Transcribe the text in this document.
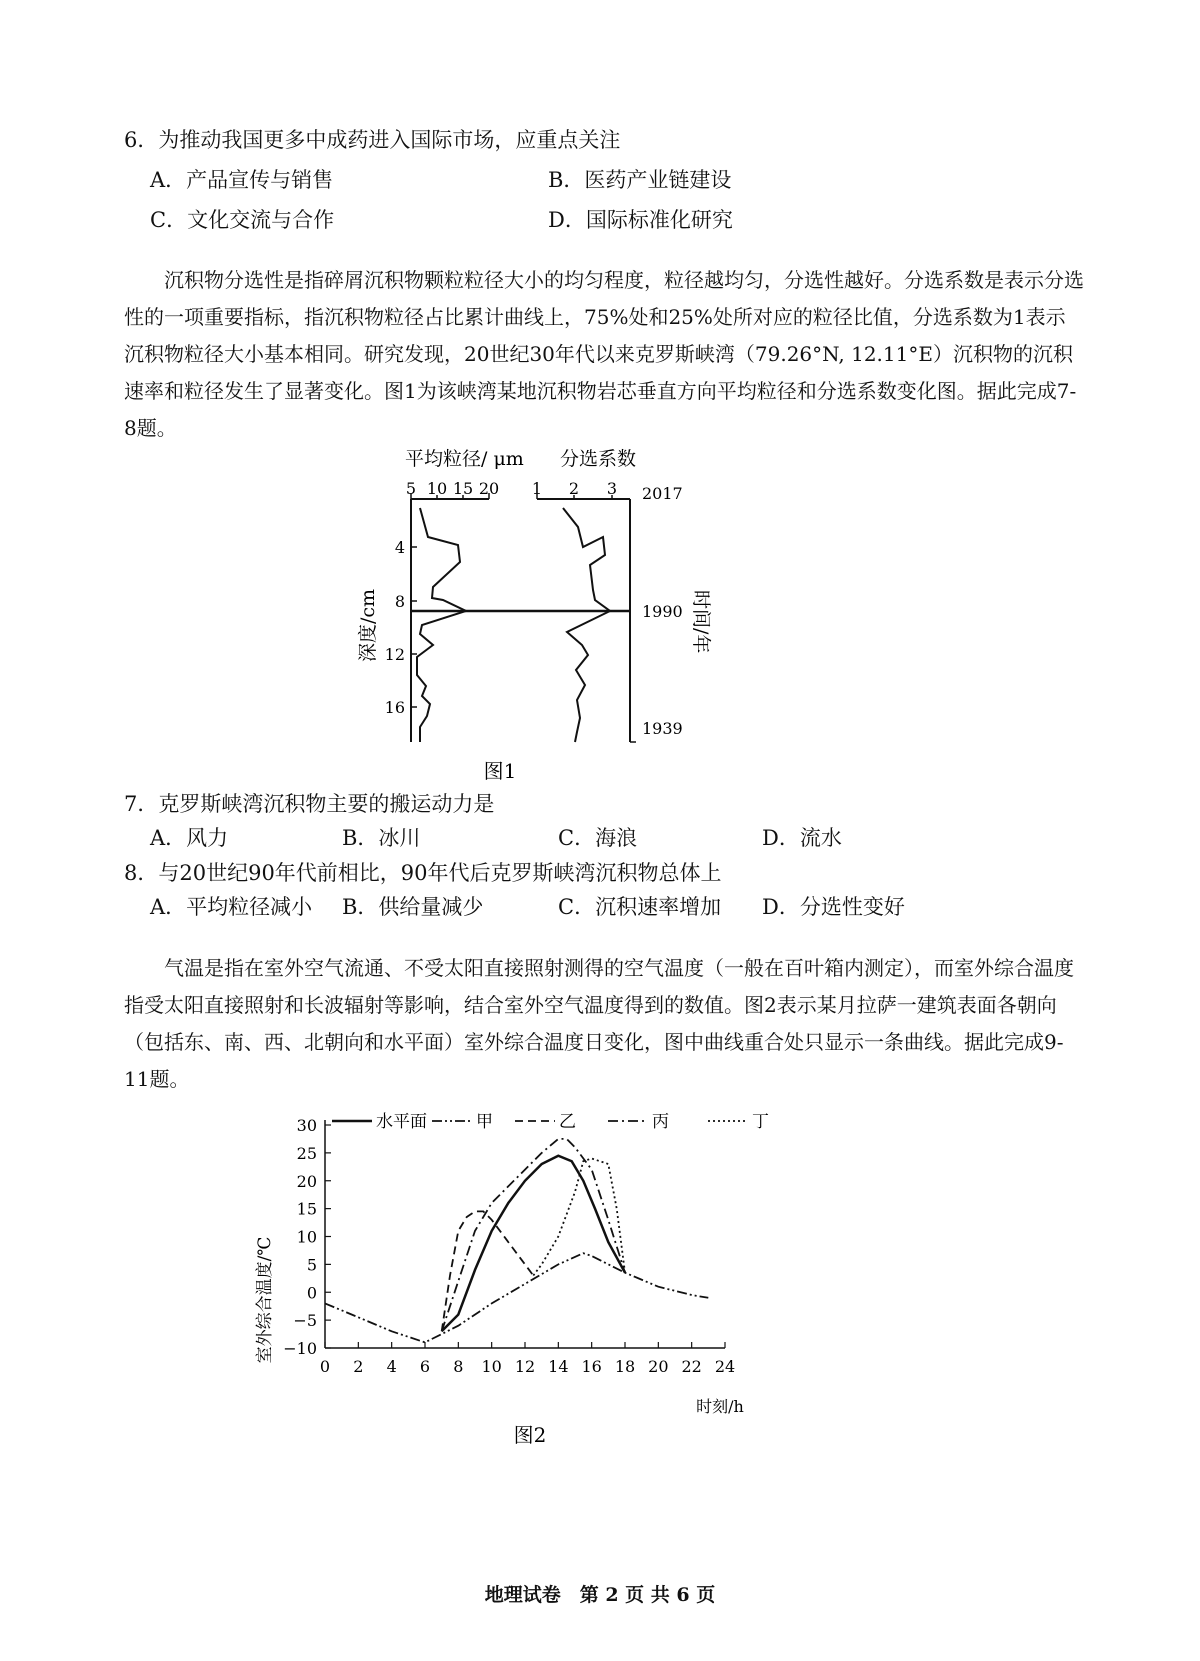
6．为推动我国更多中成药进入国际市场，应重点关注
A．产品宣传与销售	B．医药产业链建设
C．文化交流与合作	D．国际标准化研究
沉积物分选性是指碎屑沉积物颗粒粒径大小的均匀程度，粒径越均匀，分选性越好。分选系数是表示分选性的一项重要指标，指沉积物粒径占比累计曲线上，75%处和25%处所对应的粒径比值，分选系数为1表示沉积物粒径大小基本相同。研究发现，20世纪30年代以来克罗斯峡湾（79.26°N, 12.11°E）沉积物的沉积速率和粒径发生了显著变化。图1为该峡湾某地沉积物岩芯垂直方向平均粒径和分选系数变化图。据此完成7-8题。
平均粒径/ μm 分选系数
5 10 15 20 1 2 3 2017
4
8
12
16
深度/cm	1990
1939
时间/年
图1
7．克罗斯峡湾沉积物主要的搬运动力是
A．风力	B．冰川	C．海浪	D．流水
8．与20世纪90年代前相比，90年代后克罗斯峡湾沉积物总体上
A．平均粒径减小 B．供给量减少	C．沉积速率增加 D．分选性变好
气温是指在室外空气流通、不受太阳直接照射测得的空气温度（一般在百叶箱内测定），而室外综合温度指受太阳直接照射和长波辐射等影响，结合室外空气温度得到的数值。图2表示某月拉萨一建筑表面各朝向（包括东、南、西、北朝向和水平面）室外综合温度日变化，图中曲线重合处只显示一条曲线。据此完成9-11题。
−10
−5
0
5
10
15
20
25
30
0 2 4 6 8 10 12 14 16 18 20 22 24
水平面	甲	乙	丙	丁
室外综合温度/℃
时刻/h
图2
地理试卷　第 2 页 共 6 页
